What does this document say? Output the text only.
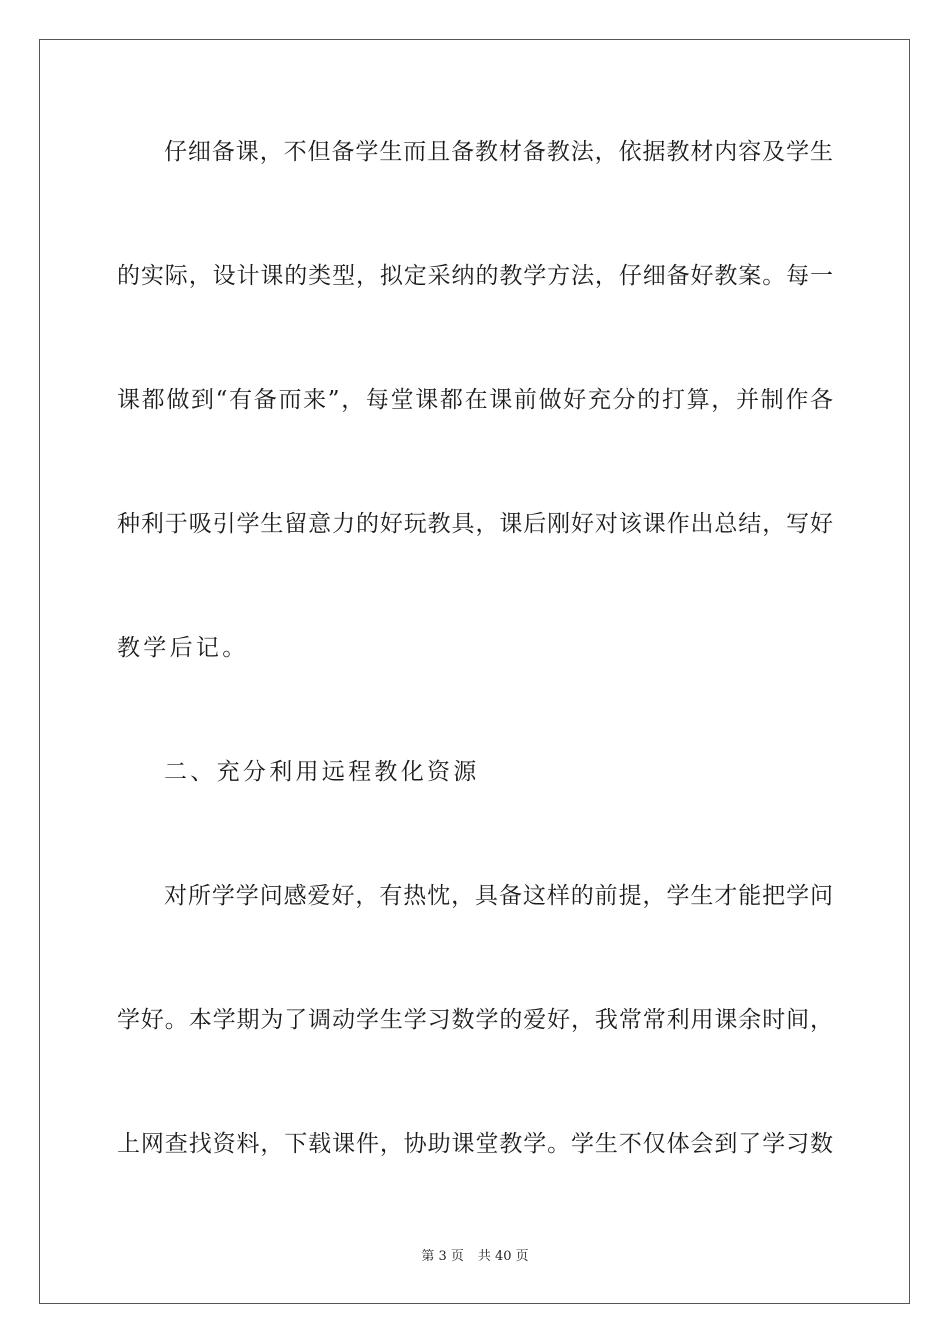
仔细备课，不但备学生而且备教材备教法，依据教材内容及学生
的实际，设计课的类型，拟定采纳的教学方法，仔细备好教案。每一
课都做到“有备而来”，每堂课都在课前做好充分的打算，并制作各
种利于吸引学生留意力的好玩教具，课后刚好对该课作出总结，写好
教学后记。
二、充分利用远程教化资源
对所学学问感爱好，有热忱，具备这样的前提，学生才能把学问
学好。本学期为了调动学生学习数学的爱好，我常常利用课余时间，
上网查找资料，下载课件，协助课堂教学。学生不仅体会到了学习数
第 3 页 共 40 页
